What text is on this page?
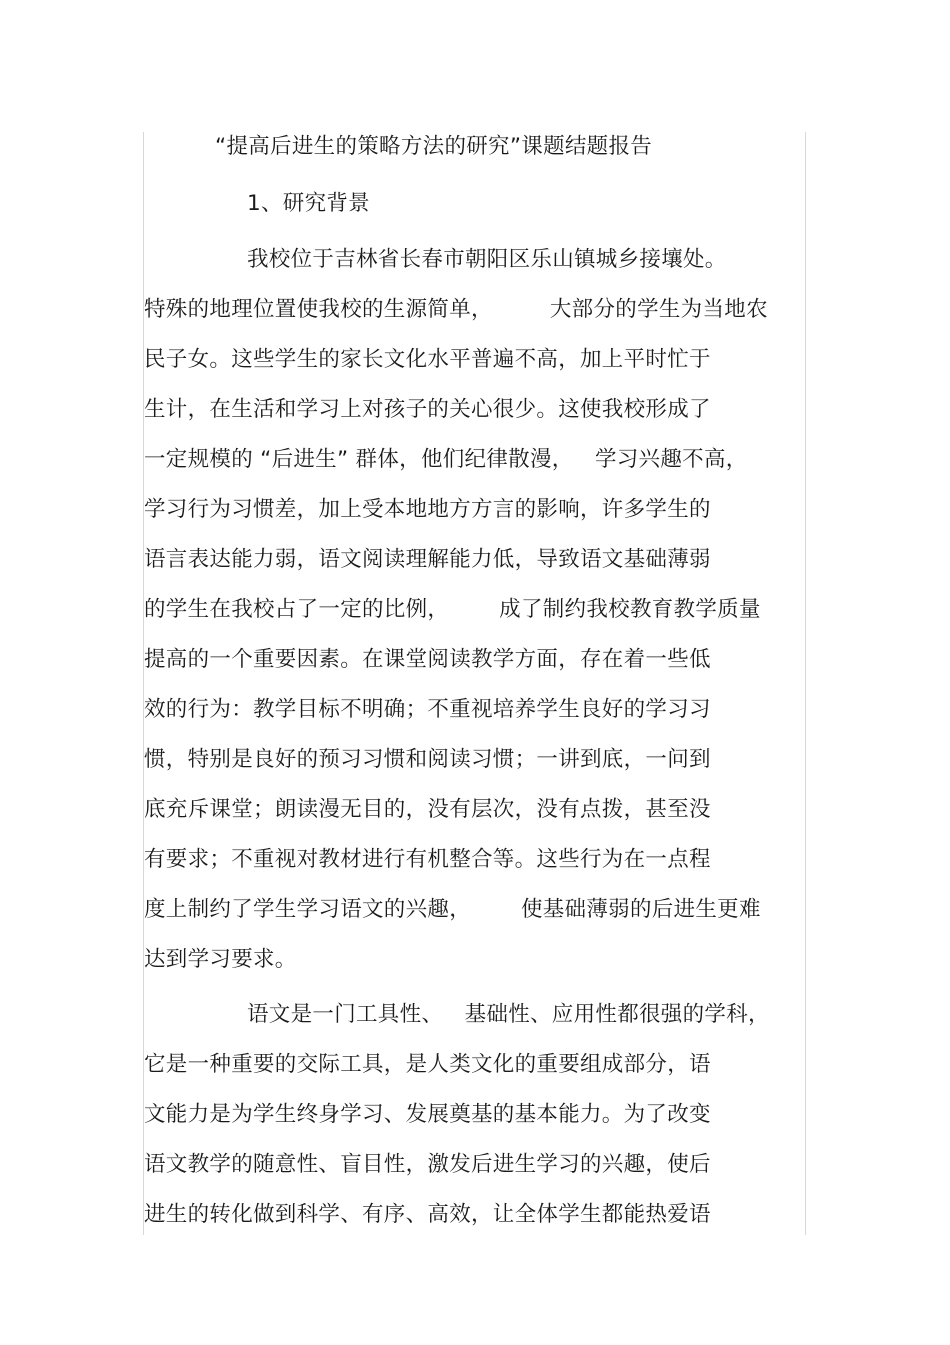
“提高后进生的策略方法的研究”课题结题报告
1、研究背景
我校位于吉林省长春市朝阳区乐山镇城乡接壤处。
特殊的地理位置使我校的生源简单，        大部分的学生为当地农
民子女。这些学生的家长文化水平普遍不高，加上平时忙于
生计，在生活和学习上对孩子的关心很少。这使我校形成了
一定规模的 “后进生” 群体，他们纪律散漫，   学习兴趣不高，
学习行为习惯差，加上受本地地方方言的影响，许多学生的
语言表达能力弱，语文阅读理解能力低，导致语文基础薄弱
的学生在我校占了一定的比例，       成了制约我校教育教学质量
提高的一个重要因素。在课堂阅读教学方面，存在着一些低
效的行为：教学目标不明确；不重视培养学生良好的学习习
惯，特别是良好的预习习惯和阅读习惯；一讲到底，一问到
底充斥课堂；朗读漫无目的，没有层次，没有点拨，甚至没
有要求；不重视对教材进行有机整合等。这些行为在一点程
度上制约了学生学习语文的兴趣，       使基础薄弱的后进生更难
达到学习要求。
语文是一门工具性、   基础性、应用性都很强的学科，
它是一种重要的交际工具，是人类文化的重要组成部分，语
文能力是为学生终身学习、发展奠基的基本能力。为了改变
语文教学的随意性、盲目性，激发后进生学习的兴趣，使后
进生的转化做到科学、有序、高效，让全体学生都能热爱语
